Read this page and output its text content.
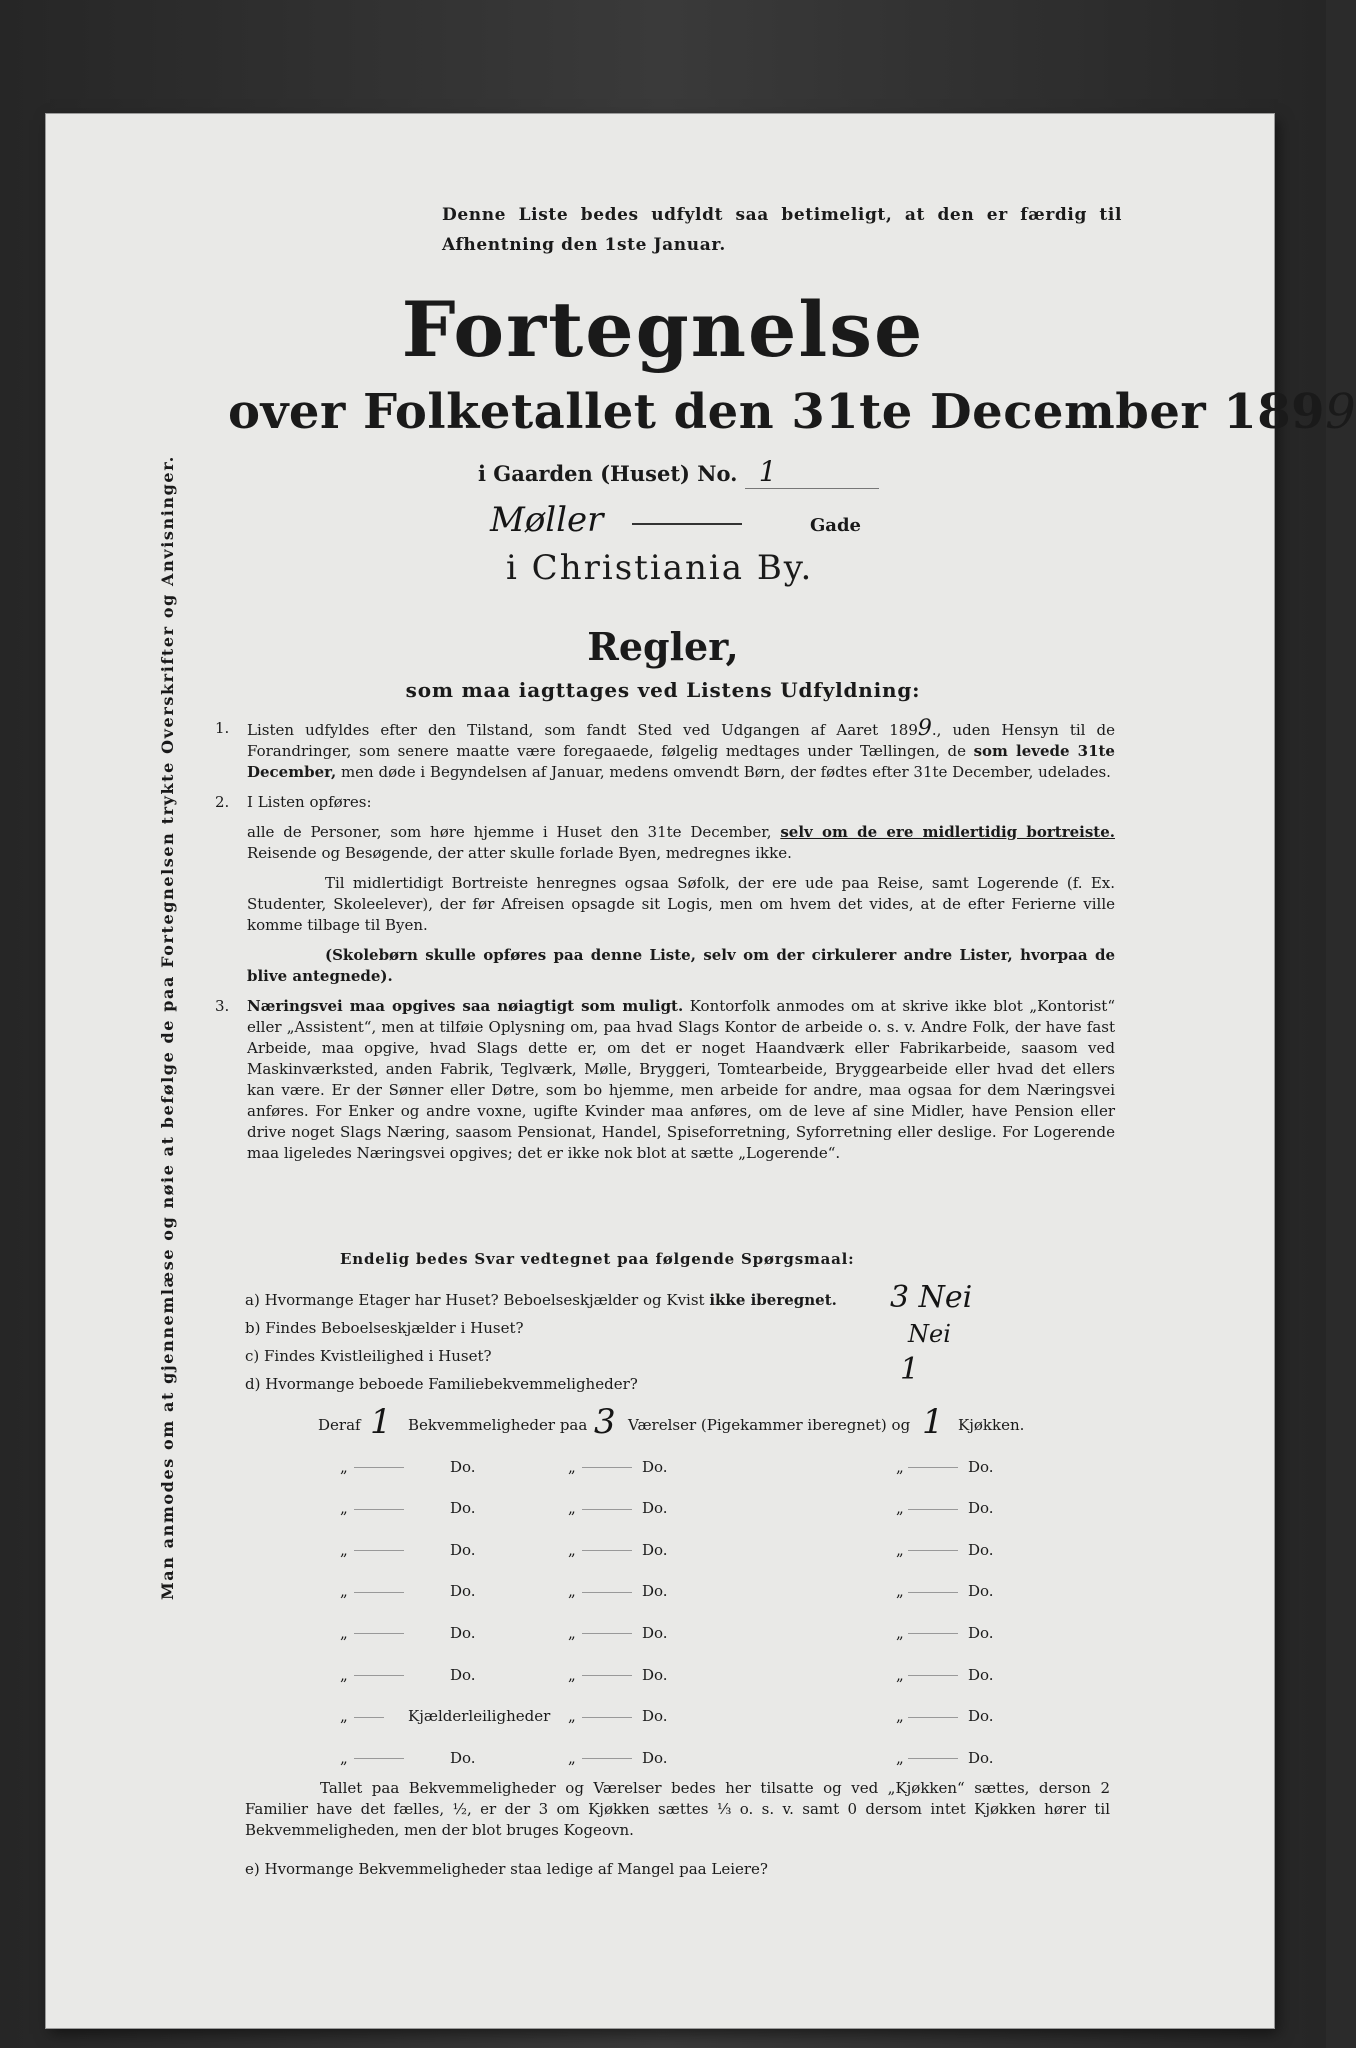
Denne Liste bedes udfyldt saa betimeligt, at den er færdig til Afhentning den 1ste Januar.
Fortegnelse
over Folketallet den 31te December 1899
i Gaarden (Huset) No. 1
Møller	Gade
i Christiania By.
Regler,
som maa iagttages ved Listens Udfyldning:
Man anmodes om at gjennemlæse og nøie at befølge de paa Fortegnelsen trykte Overskrifter og Anvisninger.	1. Listen udfyldes efter den Tilstand, som fandt Sted ved Udgangen af Aaret 1899., uden Hensyn til de Forandringer, som senere maatte være foregaaede, følgelig medtages under Tællingen, de som levede 31te December, men døde i Begyndelsen af Januar, medens omvendt Børn, der fødtes efter 31te December, udelades.

2. I Listen opføres:

alle de Personer, som høre hjemme i Huset den 31te December, selv om de ere midlertidig bortreiste. Reisende og Besøgende, der atter skulle forlade Byen, medregnes ikke.

Til midlertidigt Bortreiste henregnes ogsaa Søfolk, der ere ude paa Reise, samt Logerende (f. Ex. Studenter, Skoleelever), der før Afreisen opsagde sit Logis, men om hvem det vides, at de efter Ferierne ville komme tilbage til Byen.

(Skolebørn skulle opføres paa denne Liste, selv om der cirkulerer andre Lister, hvorpaa de blive antegnede).

3. Næringsvei maa opgives saa nøiagtigt som muligt. Kontorfolk anmodes om at skrive ikke blot „Kontorist“ eller „Assistent“, men at tilføie Oplysning om, paa hvad Slags Kontor de arbeide o. s. v. Andre Folk, der have fast Arbeide, maa opgive, hvad Slags dette er, om det er noget Haandværk eller Fabrikarbeide, saasom ved Maskinværksted, anden Fabrik, Teglværk, Mølle, Bryggeri, Tomtearbeide, Bryggearbeide eller hvad det ellers kan være. Er der Sønner eller Døtre, som bo hjemme, men arbeide for andre, maa ogsaa for dem Næringsvei anføres. For Enker og andre voxne, ugifte Kvinder maa anføres, om de leve af sine Midler, have Pension eller drive noget Slags Næring, saasom Pensionat, Handel, Spiseforretning, Syforretning eller deslige. For Logerende maa ligeledes Næringsvei opgives; det er ikke nok blot at sætte „Logerende“.

Endelig bedes Svar vedtegnet paa følgende Spørgsmaal:
a) Hvormange Etager har Huset? Beboelseskjælder og Kvist ikke iberegnet.
b) Findes Beboelseskjælder i Huset?
c) Findes Kvistleilighed i Huset?
d) Hvormange beboede Familiebekvemmeligheder?
3 Nei
Nei
1
Deraf 1 Bekvemmeligheder paa 3 Værelser (Pigekammer iberegnet) og 1 Kjøkken.
„	Do.	„	Do.	„	Do.
„	Do.	„	Do.	„	Do.
„	Do.	„	Do.	„	Do.
„	Do.	„	Do.	„	Do.
„	Do.	„	Do.	„	Do.
„	Do.	„	Do.	„	Do.
„	Kjælderleiligheder „	Do.	„	Do.
„	Do.	„	Do.	„	Do.
Tallet paa Bekvemmeligheder og Værelser bedes her tilsatte og ved „Kjøkken“ sættes, derson 2 Familier have det fælles, ½, er der 3 om Kjøkken sættes ⅓ o. s. v. samt 0 dersom intet Kjøkken hører til Bekvemmeligheden, men der blot bruges Kogeovn.
e) Hvormange Bekvemmeligheder staa ledige af Mangel paa Leiere?
